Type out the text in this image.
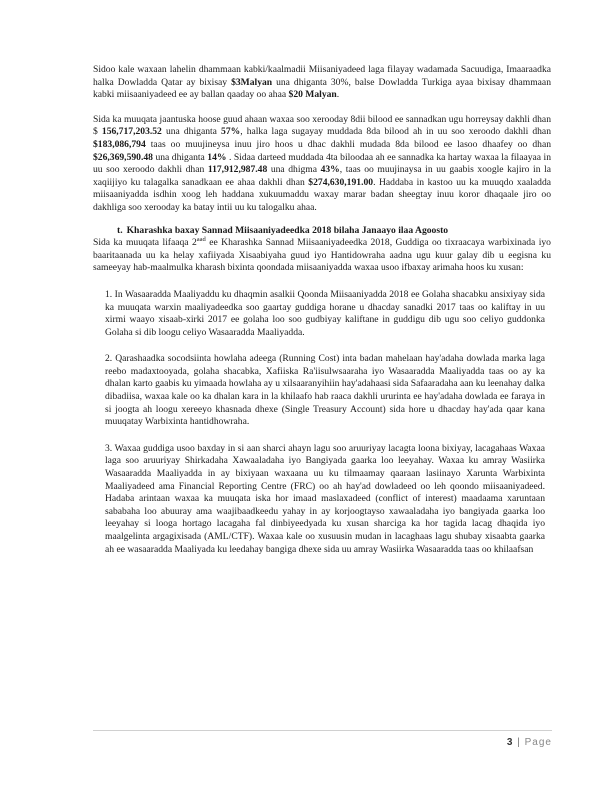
Sidoo kale waxaan lahelin dhammaan kabki/kaalmadii Miisaniyadeed laga filayay wadamada Sacuudiga, Imaaraadka halka Dowladda Qatar ay bixisay $3Malyan una dhiganta 30%, balse Dowladda Turkiga ayaa bixisay dhammaan kabki miisaaniyadeed ee ay ballan qaaday oo ahaa $20 Malyan.

Sida ka muuqata jaantuska hoose guud ahaan waxaa soo xerooday 8dii bilood ee sannadkan ugu horreysay dakhli dhan $ 156,717,203.52 una dhiganta 57%, halka laga sugayay muddada 8da bilood ah in uu soo xeroodo dakhli dhan $183,086,794 taas oo muujineysa inuu jiro hoos u dhac dakhli mudada 8da bilood ee lasoo dhaafey oo dhan $26,369,590.48 una dhiganta 14% . Sidaa darteed muddada 4ta biloodaa ah ee sannadka ka hartay waxaa la filaayaa in uu soo xeroodo dakhli dhan 117,912,987.48 una dhigma 43%, taas oo muujinaysa in uu gaabis xoogle kajiro in la xaqiijiyo ku talagalka sanadkaan ee ahaa dakhli dhan $274,630,191.00. Haddaba in kastoo uu ka muuqdo xaaladda miisaaniyadda isdhin xoog leh haddana xukuumaddu waxay marar badan sheegtay inuu koror dhaqaale jiro oo dakhliga soo xerooday ka batay intii uu ku talogalku ahaa.

t. Kharashka baxay Sannad Miisaaniyadeedka 2018 bilaha Janaayo ilaa Agoosto

Sida ka muuqata lifaaqa $2^{aad}$ ee Kharashka Sannad Miisaaniyadeedka 2018, Guddiga oo tixraacaya warbixinada iyo baaritaanada uu ka helay xafiiyada Xisaabiyaha guud iyo Hantidowraha aadna ugu kuur galay dib u eegisna ku sameeyay hab-maalmulka kharash bixinta qoondada miisaaniyadda waxaa usoo ifbaxay arimaha hoos ku xusan:

1. In Wasaaradda Maaliyaddu ku dhaqmin asalkii Qoonda Miisaaniyadda 2018 ee Golaha shacabku ansixiyay sida ka muuqata warxin maaliyadeedka soo gaartay guddiga horane u dhacday sanadki 2017 taas oo kaliftay in uu xirmi waayo xisaab-xirki 2017 ee golaha loo soo gudbiyay kaliftane in guddigu dib ugu soo celiyo guddonka Golaha si dib loogu celiyo Wasaaradda Maaliyadda.

2. Qarashaadka socodsiinta howlaha adeega (Running Cost) inta badan mahelaan hay'adaha dowlada marka laga reebo madaxtooyada, golaha shacabka, Xafiiska Ra'iisulwsaaraha iyo Wasaaradda Maaliyadda taas oo ay ka dhalan karto gaabis ku yimaada howlaha ay u xilsaaranyihiin hay'adahaasi sida Safaaradaha aan ku leenahay dalka dibadiisa, waxaa kale oo ka dhalan kara in la khilaafo hab raaca dakhli ururinta ee hay'adaha dowlada ee faraya in si joogta ah loogu xereeyo khasnada dhexe (Single Treasury Account) sida hore u dhacday hay'ada qaar kana muuqatay Warbixinta hantidhowraha.

3. Waxaa guddiga usoo baxday in si aan sharci ahayn lagu soo aruuriyay lacagta loona bixiyay, lacagahaas Waxaa laga soo aruuriyay Shirkadaha Xawaaladaha iyo Bangiyada gaarka loo leeyahay. Waxaa ku amray Wasiirka Wasaaradda Maaliyadda in ay bixiyaan waxaana uu ku tilmaamay qaaraan lasiinayo Xarunta Warbixinta Maaliyadeed ama Financial Reporting Centre (FRC) oo ah hay'ad dowladeed oo leh qoondo miisaaniyadeed. Hadaba arintaan waxaa ka muuqata iska hor imaad maslaxadeed (conflict of interest) maadaama xaruntaan sababaha loo abuuray ama waajibaadkeedu yahay in ay korjoogtayso xawaaladaha iyo bangiyada gaarka loo leeyahay si looga hortago lacagaha fal dinbiyeedyada ku xusan sharciga ka hor tagida lacag dhaqida iyo maalgelinta argagixisada (AML/CTF). Waxaa kale oo xusuusin mudan in lacaghaas lagu shubay xisaabta gaarka ah ee wasaaradda Maaliyada ku leedahay bangiga dhexe sida uu amray Wasiirka Wasaaradda taas oo khilaafsan

3 | Page
